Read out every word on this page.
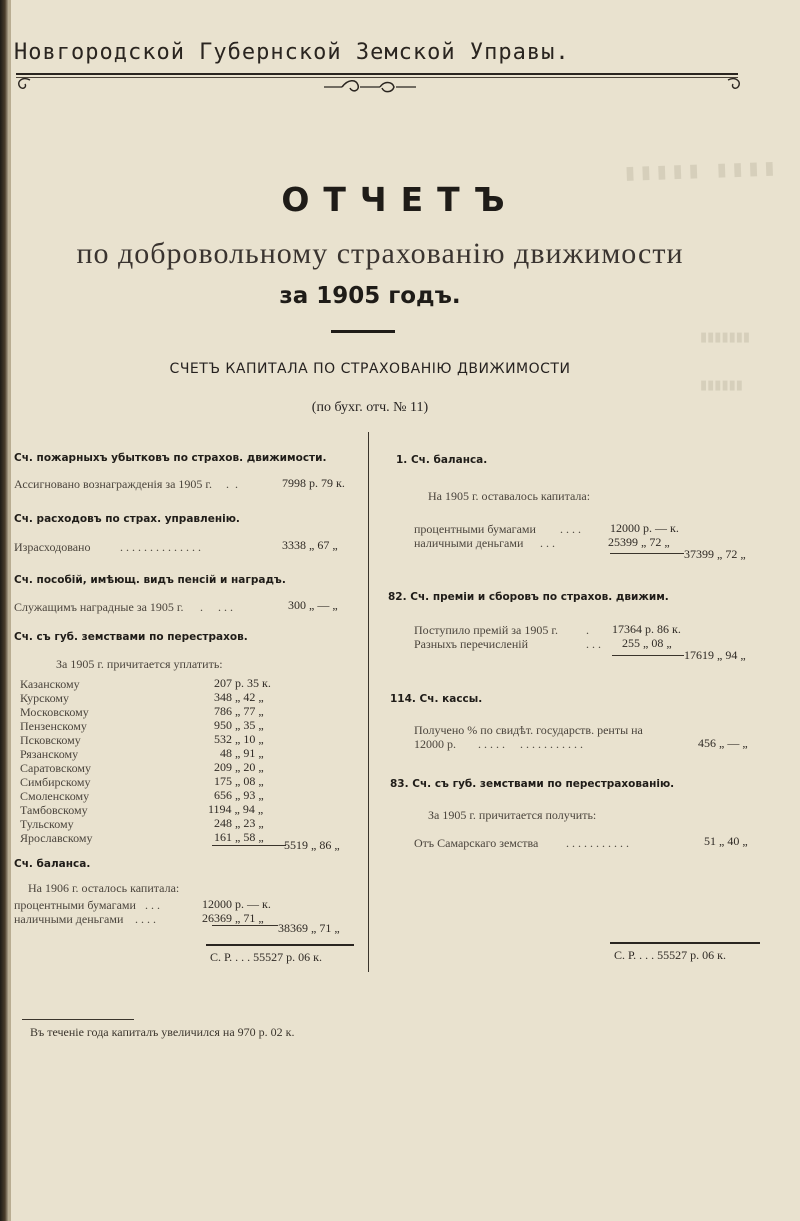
▮▮▮▮▮ ▮▮▮▮
▮▮▮▮▮▮▮
▮▮▮▮▮▮
Новгородской Губернской Земской Управы.
ОТЧЕТЪ
по добровольному страхованію движимости
за 1905 годъ.
СЧЕТЪ КАПИТАЛА ПО СТРАХОВАНІЮ ДВИЖИМОСТИ
(по бухг. отч. № 11)
Сч. пожарныхъ убытковъ по страхов. движимости.
Ассигновано вознагражденія за 1905 г. .  .	7998 р. 79 к.
Сч. расходовъ по страх. управленію.
Израсходовано . . . . . . . . . . . . . .	3338 „ 67 „
Сч. пособій, имѣющ. видъ пенсій и наградъ.
Служащимъ наградные за 1905 г. .     . . .	300 „ — „
Сч. съ губ. земствами по перестрахов.
За 1905 г. причитается уплатить:
Казанскому	207 р. 35 к.
Курскому	348 „ 42 „
Московскому	786 „ 77 „
Пензенскому	950 „ 35 „
Псковскому	532 „ 10 „
Рязанскому	48 „ 91 „
Саратовскому	209 „ 20 „
Симбирскому	175 „ 08 „
Смоленскому	656 „ 93 „
Тамбовскому	1194 „ 94 „
Тульскому	248 „ 23 „
Ярославскому	161 „ 58 „
5519 „ 86 „
Сч. баланса.
На 1906 г. осталось капитала:
процентными бумагами . . .	12000 р. — к.
наличными деньгами . . . .	26369 „ 71 „
38369 „ 71 „
С. Р. . . . 55527 р. 06 к.
1. Сч. баланса.
На 1905 г. оставалось капитала:
процентными бумагами . . . . 12000 р. — к.
наличными деньгами . . .	25399 „ 72 „
37399 „ 72 „
82. Сч. преміи и сборовъ по страхов. движим.
Поступило премій за 1905 г. . 17364 р. 86 к.
Разныхъ перечисленій	. . . 255 „ 08 „
17619 „ 94 „
114. Сч. кассы.
Получено % по свидѣт. государств. ренты на
12000 р. . . . . .     . . . . . . . . . . .	456 „ — „
83. Сч. съ губ. земствами по перестрахованію.
За 1905 г. причитается получить:
Отъ Самарскаго земства . . . . . . . . . . .	51 „ 40 „
С. Р. . . . 55527 р. 06 к.
Въ теченіе года капиталъ увеличился на 970 р. 02 к.
